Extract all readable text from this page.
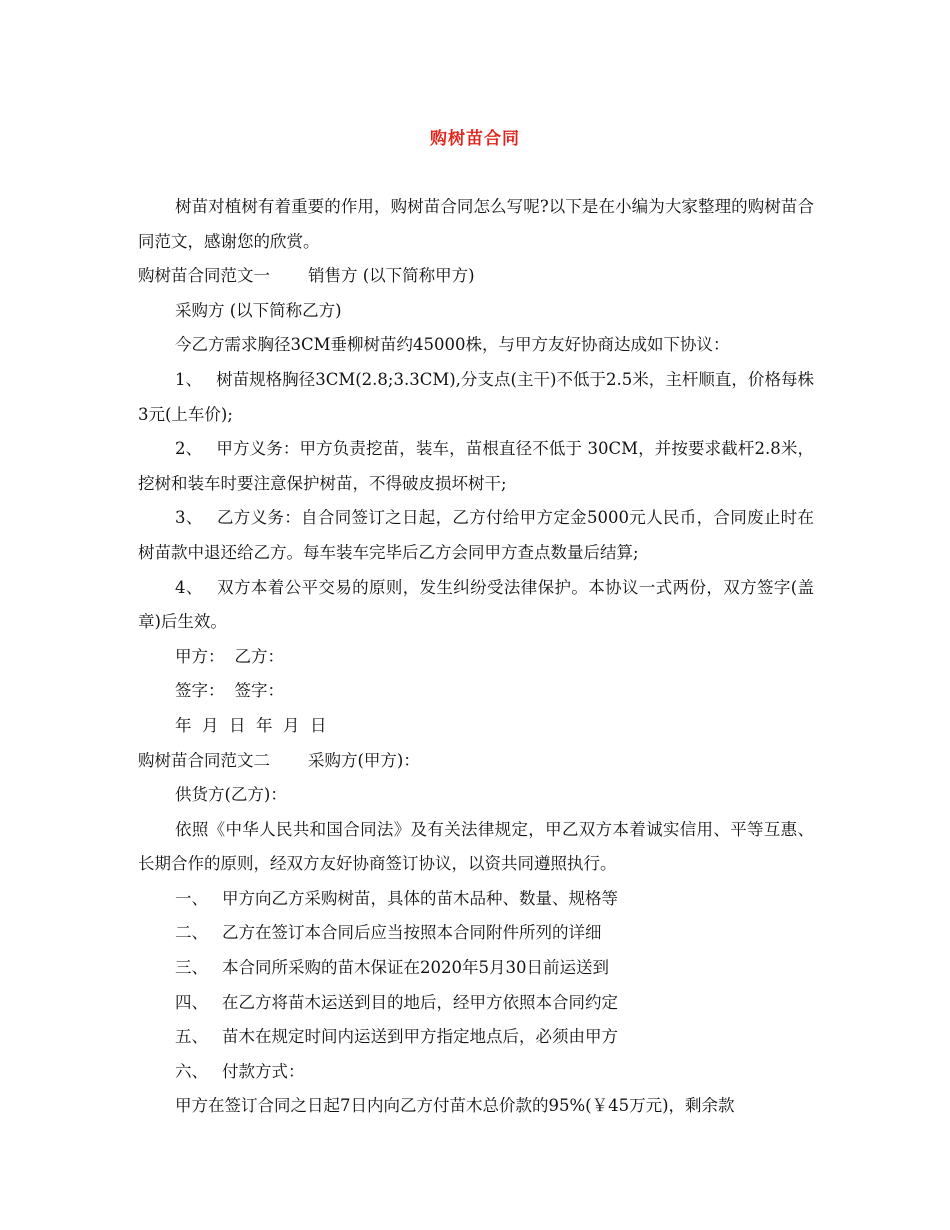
购树苗合同

树苗对植树有着重要的作用，购树苗合同怎么写呢?以下是在小编为大家整理的购树苗合同范文，感谢您的欣赏。

购树苗合同范文一 销售方 (以下简称甲方)

采购方 (以下简称乙方)

今乙方需求胸径3CM垂柳树苗约45000株，与甲方友好协商达成如下协议：

1、 树苗规格胸径3CM(2.8;3.3CM),分支点(主干)不低于2.5米，主杆顺直，价格每株3元(上车价);

2、 甲方义务：甲方负责挖苗，装车，苗根直径不低于 30CM，并按要求截杆2.8米，挖树和装车时要注意保护树苗，不得破皮损坏树干;

3、 乙方义务：自合同签订之日起，乙方付给甲方定金5000元人民币，合同废止时在树苗款中退还给乙方。每车装车完毕后乙方会同甲方查点数量后结算;

4、 双方本着公平交易的原则，发生纠纷受法律保护。本协议一式两份，双方签字(盖章)后生效。

甲方： 乙方：

签字： 签字：

年  月  日  年  月  日

购树苗合同范文二 采购方(甲方)：

供货方(乙方)：

依照《中华人民共和国合同法》及有关法律规定，甲乙双方本着诚实信用、平等互惠、长期合作的原则，经双方友好协商签订协议，以资共同遵照执行。

一、 甲方向乙方采购树苗，具体的苗木品种、数量、规格等

二、 乙方在签订本合同后应当按照本合同附件所列的详细

三、 本合同所采购的苗木保证在2020年5月30日前运送到

四、 在乙方将苗木运送到目的地后，经甲方依照本合同约定

五、 苗木在规定时间内运送到甲方指定地点后，必须由甲方

六、 付款方式：

甲方在签订合同之日起7日内向乙方付苗木总价款的95%(￥45万元)，剩余款
